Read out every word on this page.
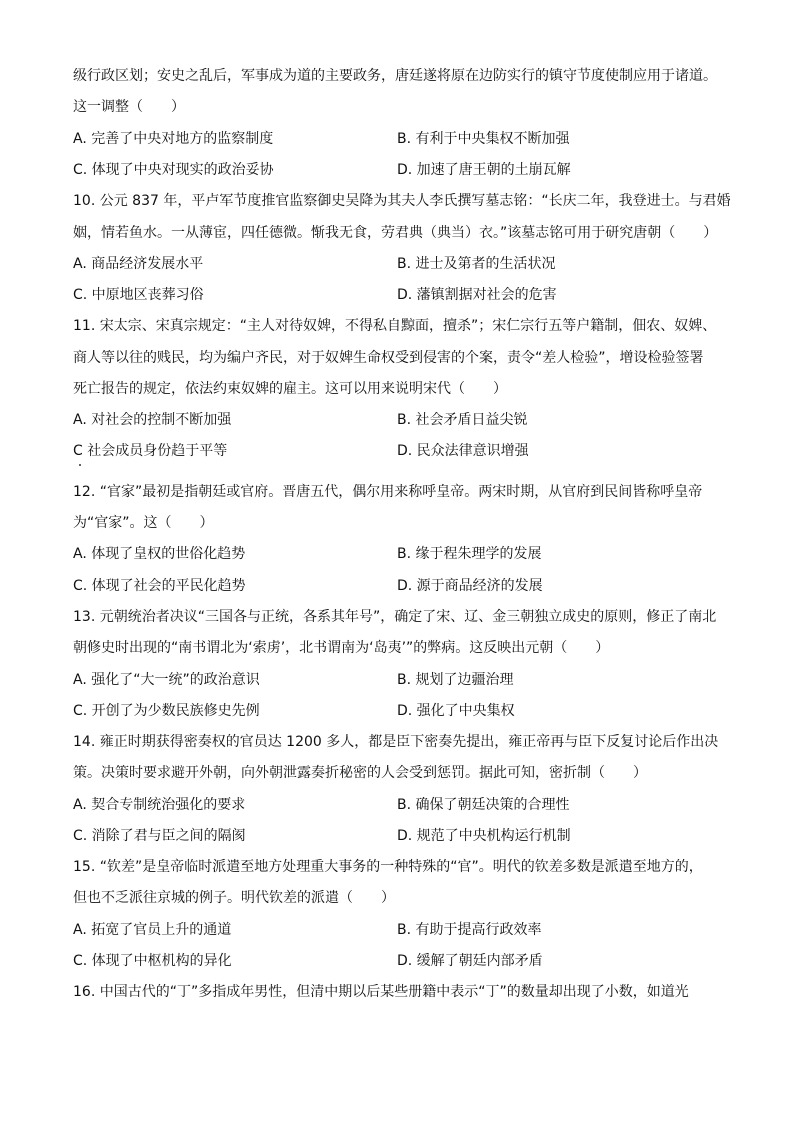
级行政区划；安史之乱后，军事成为道的主要政务，唐廷遂将原在边防实行的镇守节度使制应用于诸道。
这一调整（　　）
A. 完善了中央对地方的监察制度	B. 有利于中央集权不断加强
C. 体现了中央对现实的政治妥协	D. 加速了唐王朝的土崩瓦解
10. 公元 837 年，平卢军节度推官监察御史吴降为其夫人李氏撰写墓志铭：“长庆二年，我登进士。与君婚
姻，情若鱼水。一从薄宦，四任德微。惭我无食，劳君典（典当）衣。”该墓志铭可用于研究唐朝（　　）
A. 商品经济发展水平	B. 进士及第者的生活状况
C. 中原地区丧葬习俗	D. 藩镇割据对社会的危害
11. 宋太宗、宋真宗规定：“主人对待奴婢，不得私自黥面，擅杀”；宋仁宗行五等户籍制，佃农、奴婢、
商人等以往的贱民，均为编户齐民，对于奴婢生命权受到侵害的个案，责令“差人检验”，增设检验签署
死亡报告的规定，依法约束奴婢的雇主。这可以用来说明宋代（　　）
A. 对社会的控制不断加强	B. 社会矛盾日益尖锐
C 社会成员身份趋于平等	D. 民众法律意识增强
12. “官家”最初是指朝廷或官府。晋唐五代，偶尔用来称呼皇帝。两宋时期，从官府到民间皆称呼皇帝
为“官家”。这（　　）
A. 体现了皇权的世俗化趋势	B. 缘于程朱理学的发展
C. 体现了社会的平民化趋势	D. 源于商品经济的发展
13. 元朝统治者决议“三国各与正统，各系其年号”，确定了宋、辽、金三朝独立成史的原则，修正了南北
朝修史时出现的“南书谓北为‘索虏’，北书谓南为‘岛夷’”的弊病。这反映出元朝（　　）
A. 强化了“大一统”的政治意识	B. 规划了边疆治理
C. 开创了为少数民族修史先例	D. 强化了中央集权
14. 雍正时期获得密奏权的官员达 1200 多人，都是臣下密奏先提出，雍正帝再与臣下反复讨论后作出决
策。决策时要求避开外朝，向外朝泄露奏折秘密的人会受到惩罚。据此可知，密折制（　　）
A. 契合专制统治强化的要求	B. 确保了朝廷决策的合理性
C. 消除了君与臣之间的隔阂	D. 规范了中央机构运行机制
15. “钦差”是皇帝临时派遣至地方处理重大事务的一种特殊的“官”。明代的钦差多数是派遣至地方的，
但也不乏派往京城的例子。明代钦差的派遣（　　）
A. 拓宽了官员上升的通道	B. 有助于提高行政效率
C. 体现了中枢机构的异化	D. 缓解了朝廷内部矛盾
16. 中国古代的“丁”多指成年男性，但清中期以后某些册籍中表示“丁”的数量却出现了小数，如道光
